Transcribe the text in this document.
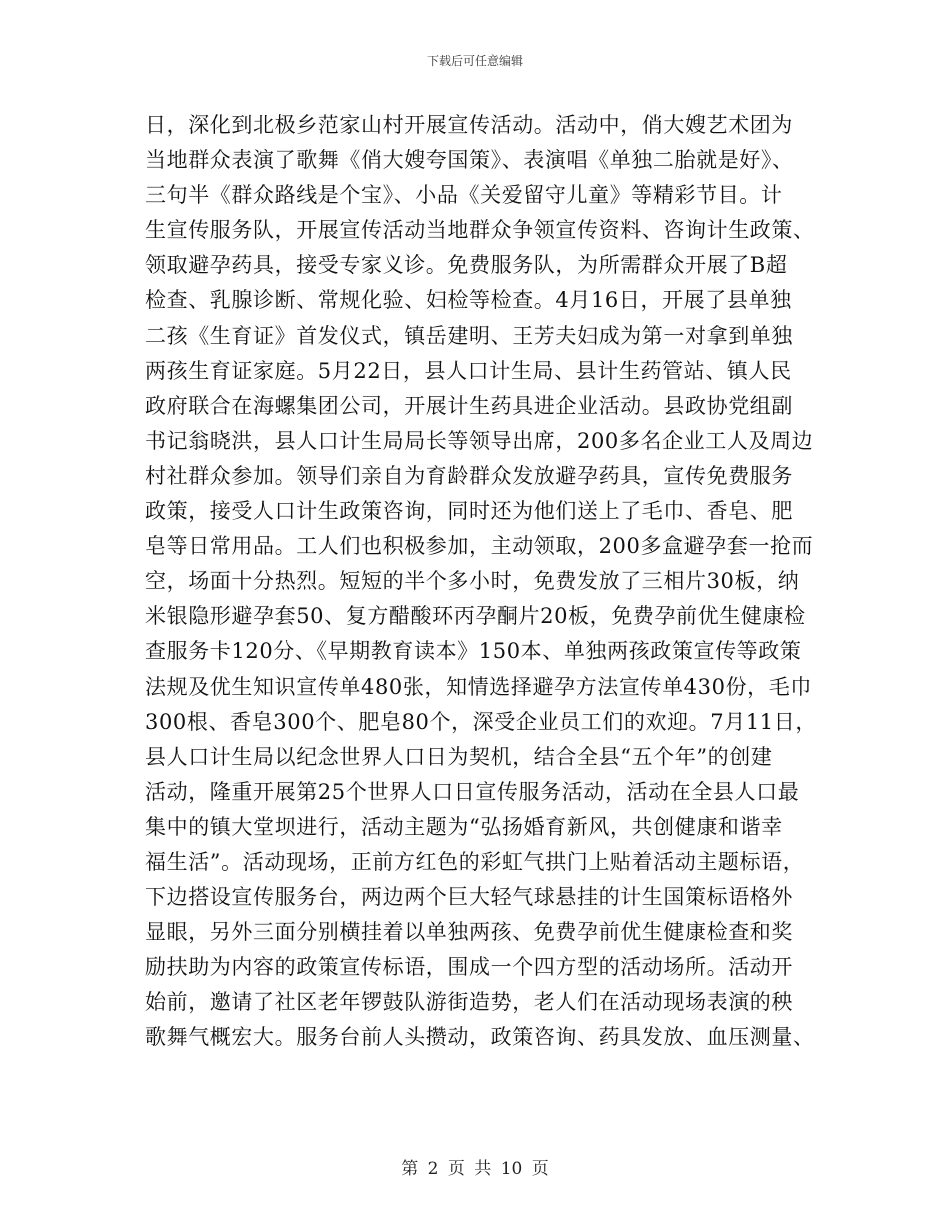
下载后可任意编辑
日，深化到北极乡范家山村开展宣传活动。活动中，俏大嫂艺术团为
当地群众表演了歌舞《俏大嫂夸国策》、表演唱《单独二胎就是好》、
三句半《群众路线是个宝》、小品《关爱留守儿童》等精彩节目。计
生宣传服务队，开展宣传活动当地群众争领宣传资料、咨询计生政策、
领取避孕药具，接受专家义诊。免费服务队，为所需群众开展了B超
检查、乳腺诊断、常规化验、妇检等检查。4月16日，开展了县单独
二孩《生育证》首发仪式，镇岳建明、王芳夫妇成为第一对拿到单独
两孩生育证家庭。5月22日，县人口计生局、县计生药管站、镇人民
政府联合在海螺集团公司，开展计生药具进企业活动。县政协党组副
书记翁晓洪，县人口计生局局长等领导出席，200多名企业工人及周边
村社群众参加。领导们亲自为育龄群众发放避孕药具，宣传免费服务
政策，接受人口计生政策咨询，同时还为他们送上了毛巾、香皂、肥
皂等日常用品。工人们也积极参加，主动领取，200多盒避孕套一抢而
空，场面十分热烈。短短的半个多小时，免费发放了三相片30板，纳
米银隐形避孕套50、复方醋酸环丙孕酮片20板，免费孕前优生健康检
查服务卡120分、《早期教育读本》150本、单独两孩政策宣传等政策
法规及优生知识宣传单480张，知情选择避孕方法宣传单430份，毛巾
300根、香皂300个、肥皂80个，深受企业员工们的欢迎。7月11日，
县人口计生局以纪念世界人口日为契机，结合全县“五个年”的创建
活动，隆重开展第25个世界人口日宣传服务活动，活动在全县人口最
集中的镇大堂坝进行，活动主题为“弘扬婚育新风，共创健康和谐幸
福生活”。活动现场，正前方红色的彩虹气拱门上贴着活动主题标语，
下边搭设宣传服务台，两边两个巨大轻气球悬挂的计生国策标语格外
显眼，另外三面分别横挂着以单独两孩、免费孕前优生健康检查和奖
励扶助为内容的政策宣传标语，围成一个四方型的活动场所。活动开
始前，邀请了社区老年锣鼓队游街造势，老人们在活动现场表演的秧
歌舞气概宏大。服务台前人头攒动，政策咨询、药具发放、血压测量、
第 2 页 共 10 页
